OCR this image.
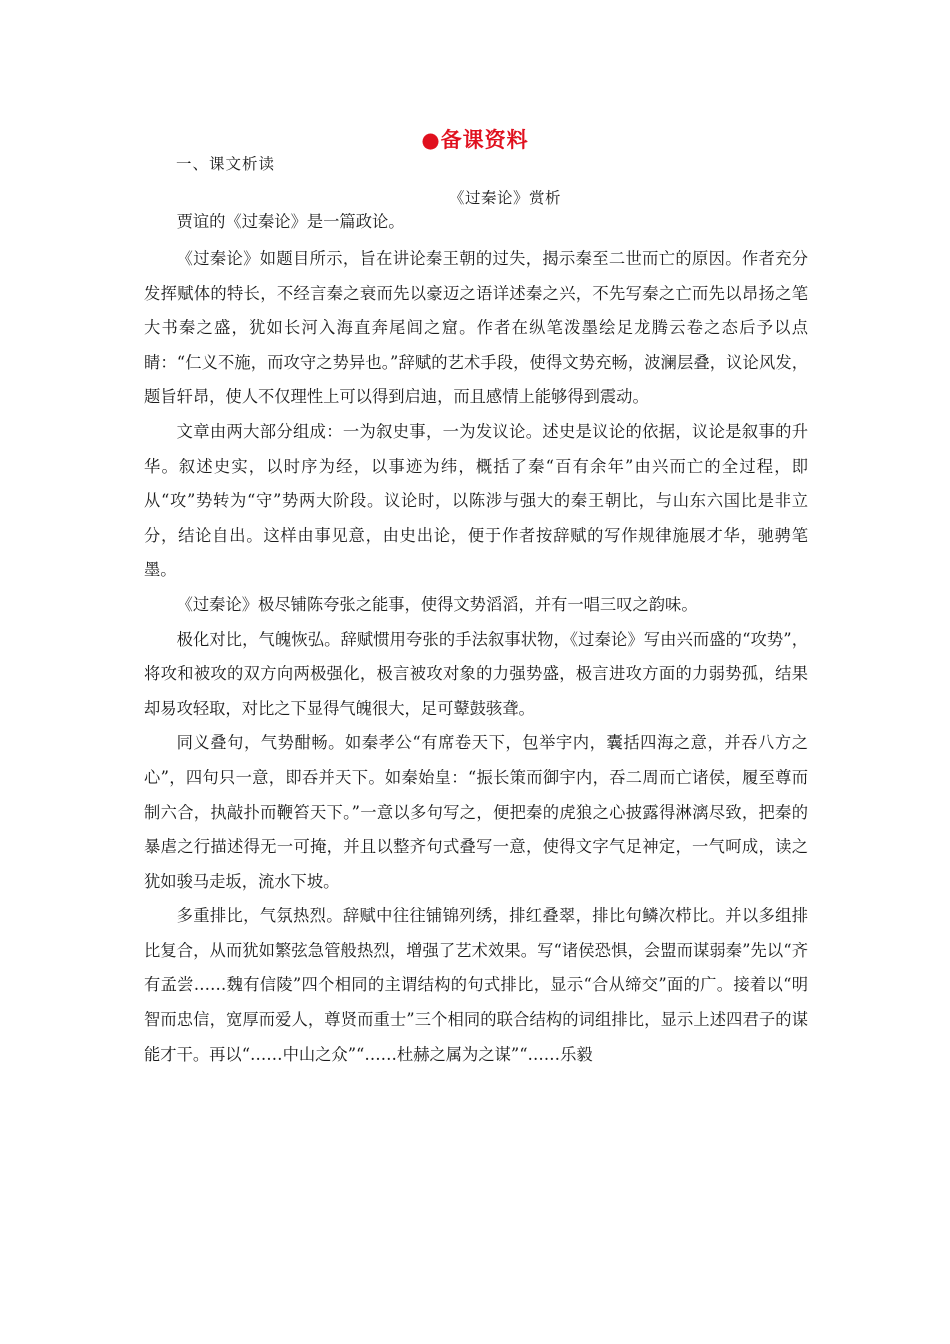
●备课资料
一、课文析读
《过秦论》赏析

贾谊的《过秦论》是一篇政论。

《过秦论》如题目所示，旨在讲论秦王朝的过失，揭示秦至二世而亡的原因。作者充分发挥赋体的特长，不经言秦之衰而先以豪迈之语详述秦之兴，不先写秦之亡而先以昂扬之笔大书秦之盛，犹如长河入海直奔尾闾之窟。作者在纵笔泼墨绘足龙腾云卷之态后予以点睛：“仁义不施，而攻守之势异也。”辞赋的艺术手段，使得文势充畅，波澜层叠，议论风发，题旨轩昂，使人不仅理性上可以得到启迪，而且感情上能够得到震动。

文章由两大部分组成：一为叙史事，一为发议论。述史是议论的依据，议论是叙事的升华。叙述史实，以时序为经，以事迹为纬，概括了秦“百有余年”由兴而亡的全过程，即从“攻”势转为“守”势两大阶段。议论时，以陈涉与强大的秦王朝比，与山东六国比是非立分，结论自出。这样由事见意，由史出论，便于作者按辞赋的写作规律施展才华，驰骋笔墨。

《过秦论》极尽铺陈夸张之能事，使得文势滔滔，并有一唱三叹之韵味。

极化对比，气魄恢弘。辞赋惯用夸张的手法叙事状物，《过秦论》写由兴而盛的“攻势”，将攻和被攻的双方向两极强化，极言被攻对象的力强势盛，极言进攻方面的力弱势孤，结果却易攻轻取，对比之下显得气魄很大，足可鼙鼓骇聋。

同义叠句，气势酣畅。如秦孝公“有席卷天下，包举宇内，囊括四海之意，并吞八方之心”，四句只一意，即吞并天下。如秦始皇：“振长策而御宇内，吞二周而亡诸侯，履至尊而制六合，执敲扑而鞭笞天下。”一意以多句写之，便把秦的虎狼之心披露得淋漓尽致，把秦的暴虐之行描述得无一可掩，并且以整齐句式叠写一意，使得文字气足神定，一气呵成，读之犹如骏马走坂，流水下坡。

多重排比，气氛热烈。辞赋中往往铺锦列绣，排红叠翠，排比句鳞次栉比。并以多组排比复合，从而犹如繁弦急管般热烈，增强了艺术效果。写“诸侯恐惧，会盟而谋弱秦”先以“齐有孟尝……魏有信陵”四个相同的主谓结构的句式排比，显示“合从缔交”面的广。接着以“明智而忠信，宽厚而爱人，尊贤而重士”三个相同的联合结构的词组排比，显示上述四君子的谋能才干。再以“……中山之众”“……杜赫之属为之谋”“……乐毅
